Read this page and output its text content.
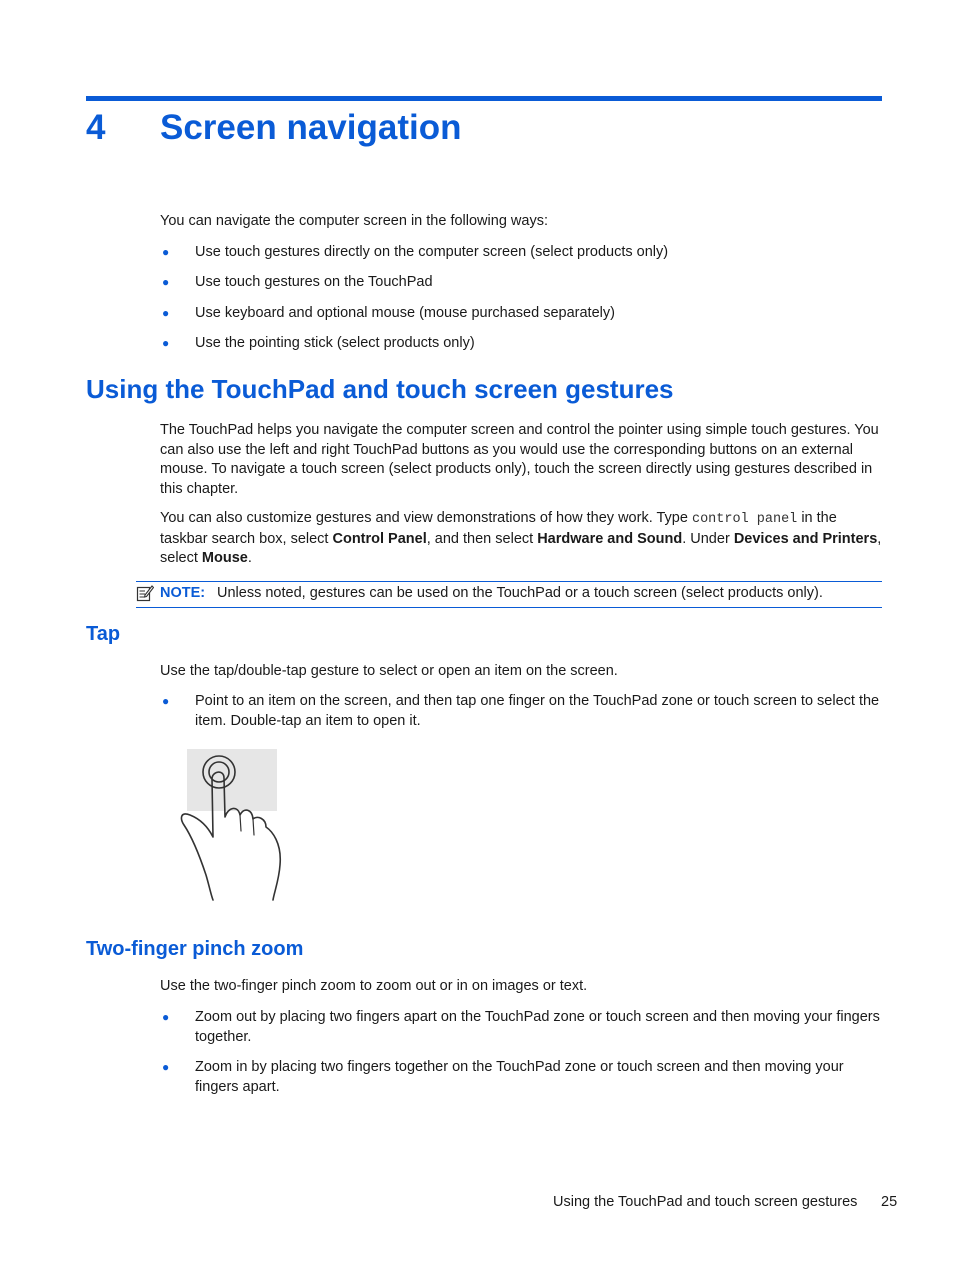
4 Screen navigation
You can navigate the computer screen in the following ways:
● Use touch gestures directly on the computer screen (select products only)
● Use touch gestures on the TouchPad
● Use keyboard and optional mouse (mouse purchased separately)
● Use the pointing stick (select products only)
Using the TouchPad and touch screen gestures
The TouchPad helps you navigate the computer screen and control the pointer using simple touch gestures. You can also use the left and right TouchPad buttons as you would use the corresponding buttons on an external mouse. To navigate a touch screen (select products only), touch the screen directly using gestures described in this chapter.
You can also customize gestures and view demonstrations of how they work. Type control panel in the taskbar search box, select Control Panel, and then select Hardware and Sound. Under Devices and Printers, select Mouse.
NOTE: Unless noted, gestures can be used on the TouchPad or a touch screen (select products only).
Tap
Use the tap/double-tap gesture to select or open an item on the screen.
● Point to an item on the screen, and then tap one finger on the TouchPad zone or touch screen to select the item. Double-tap an item to open it.
Two-finger pinch zoom
Use the two-finger pinch zoom to zoom out or in on images or text.
● Zoom out by placing two fingers apart on the TouchPad zone or touch screen and then moving your fingers together.
● Zoom in by placing two fingers together on the TouchPad zone or touch screen and then moving your fingers apart.
Using the TouchPad and touch screen gestures 25
